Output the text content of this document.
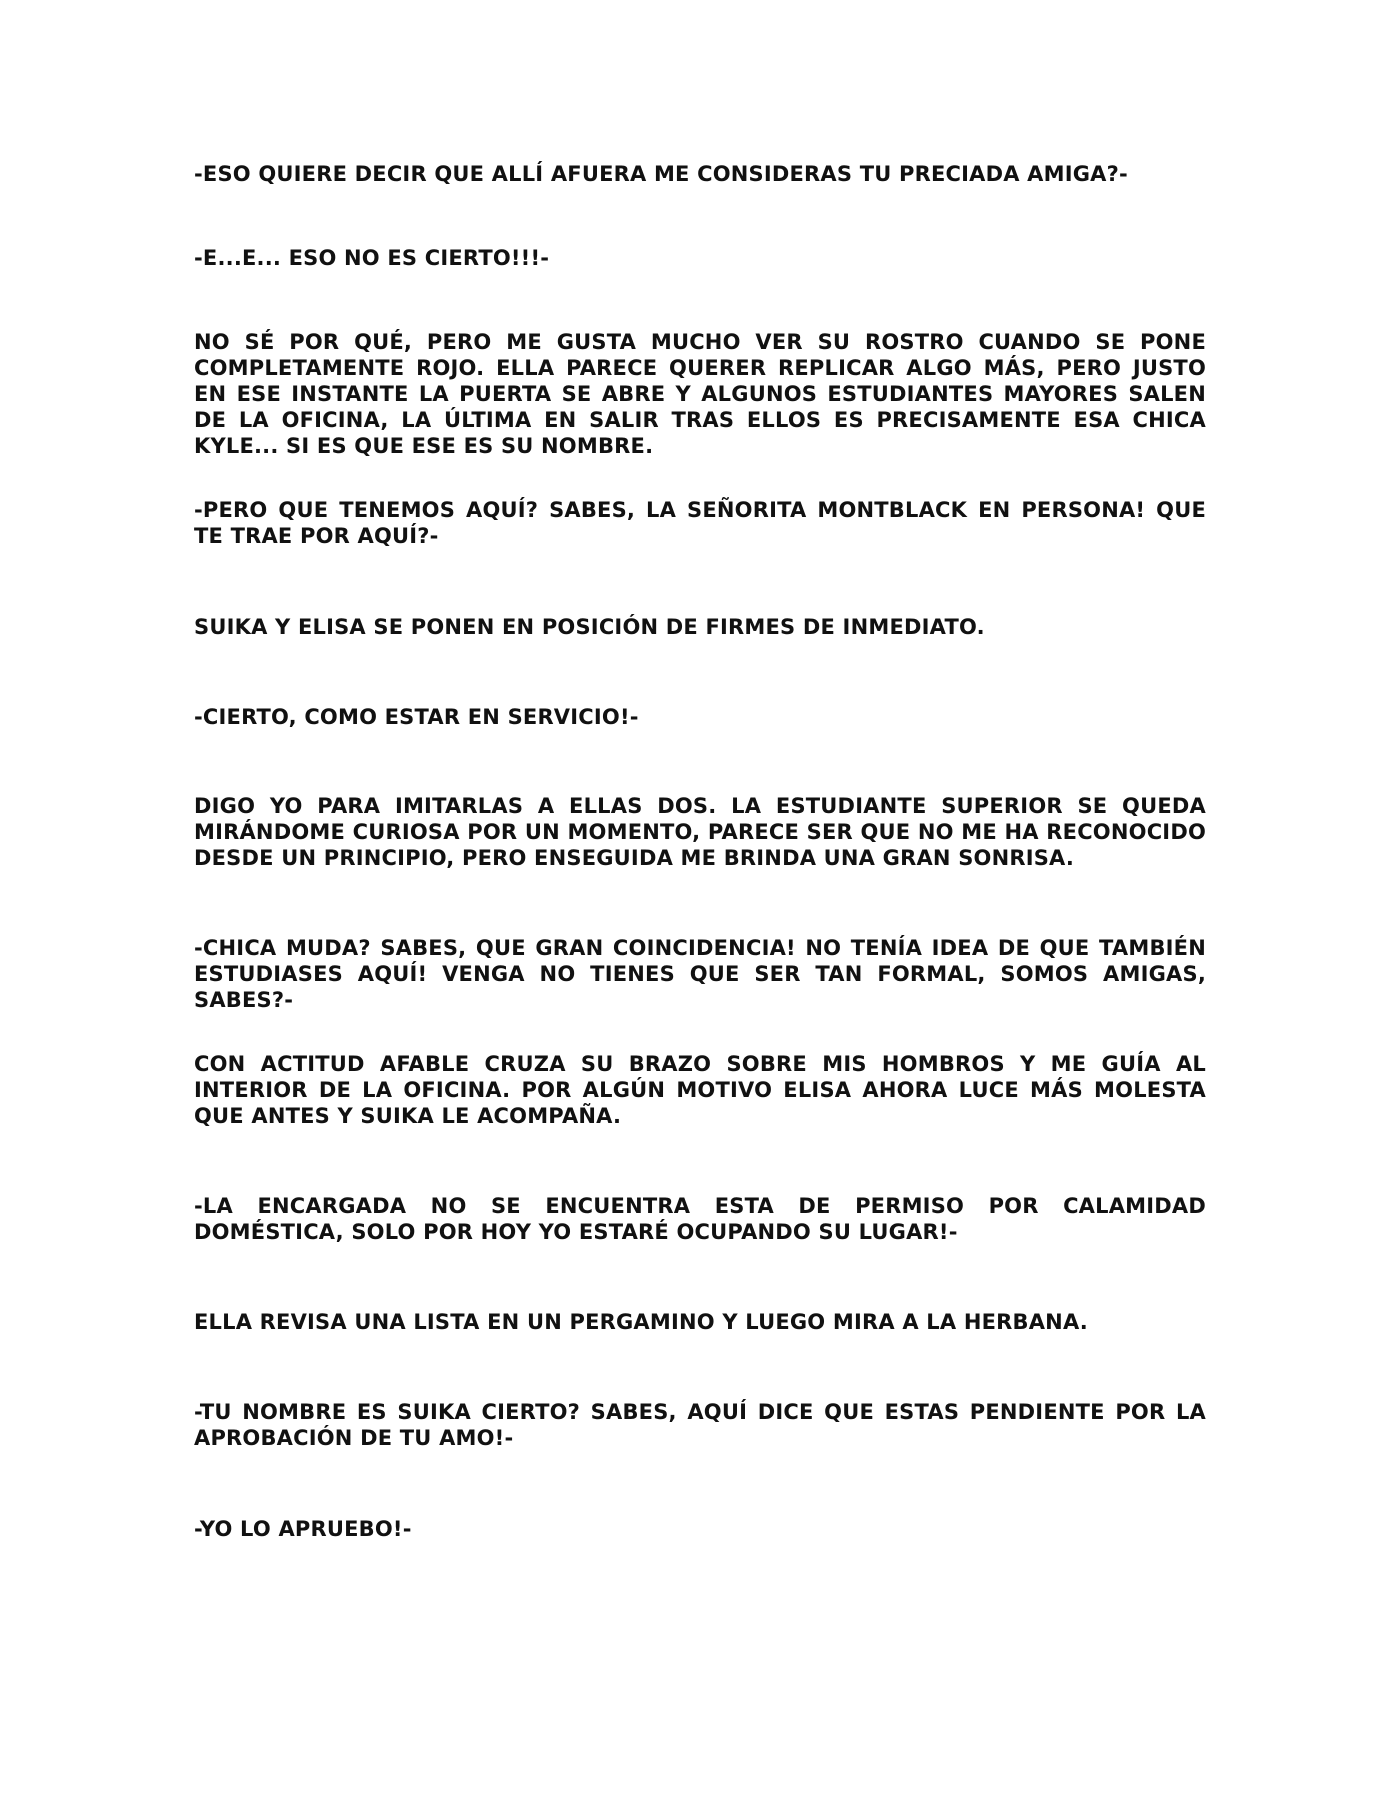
-ESO QUIERE DECIR QUE ALLÍ AFUERA ME CONSIDERAS TU PRECIADA AMIGA?-

-E...E... ESO NO ES CIERTO!!!-

NO SÉ POR QUÉ, PERO ME GUSTA MUCHO VER SU ROSTRO CUANDO SE PONE COMPLETAMENTE ROJO. ELLA PARECE QUERER REPLICAR ALGO MÁS, PERO JUSTO EN ESE INSTANTE LA PUERTA SE ABRE Y ALGUNOS ESTUDIANTES MAYORES SALEN DE LA OFICINA, LA ÚLTIMA EN SALIR TRAS ELLOS ES PRECISAMENTE ESA CHICA KYLE... SI ES QUE ESE ES SU NOMBRE.

-PERO QUE TENEMOS AQUÍ? SABES, LA SEÑORITA MONTBLACK EN PERSONA! QUE TE TRAE POR AQUÍ?-

SUIKA Y ELISA SE PONEN EN POSICIÓN DE FIRMES DE INMEDIATO.

-CIERTO, COMO ESTAR EN SERVICIO!-

DIGO YO PARA IMITARLAS A ELLAS DOS. LA ESTUDIANTE SUPERIOR SE QUEDA MIRÁNDOME CURIOSA POR UN MOMENTO, PARECE SER QUE NO ME HA RECONOCIDO DESDE UN PRINCIPIO, PERO ENSEGUIDA ME BRINDA UNA GRAN SONRISA.

-CHICA MUDA? SABES, QUE GRAN COINCIDENCIA! NO TENÍA IDEA DE QUE TAMBIÉN ESTUDIASES AQUÍ! VENGA NO TIENES QUE SER TAN FORMAL, SOMOS AMIGAS, SABES?-

CON ACTITUD AFABLE CRUZA SU BRAZO SOBRE MIS HOMBROS Y ME GUÍA AL INTERIOR DE LA OFICINA. POR ALGÚN MOTIVO ELISA AHORA LUCE MÁS MOLESTA QUE ANTES Y SUIKA LE ACOMPAÑA.

-LA ENCARGADA NO SE ENCUENTRA ESTA DE PERMISO POR CALAMIDAD DOMÉSTICA, SOLO POR HOY YO ESTARÉ OCUPANDO SU LUGAR!-

ELLA REVISA UNA LISTA EN UN PERGAMINO Y LUEGO MIRA A LA HERBANA.

-TU NOMBRE ES SUIKA CIERTO? SABES, AQUÍ DICE QUE ESTAS PENDIENTE POR LA APROBACIÓN DE TU AMO!-

-YO LO APRUEBO!-
